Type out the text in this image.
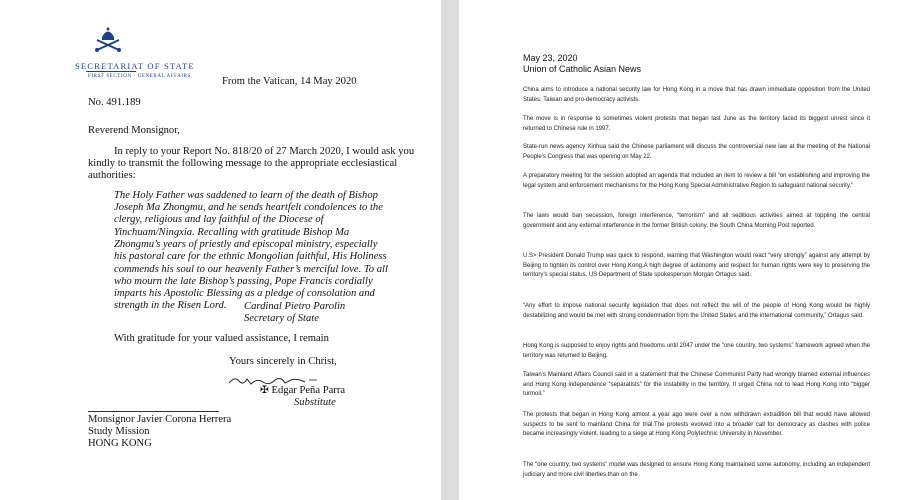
SECRETARIAT OF STATE
FIRST SECTION · GENERAL AFFAIRS	From the Vatican, 14 May 2020
No. 491.189
Reverend Monsignor,
In reply to your Report No. 818/20 of 27 March 2020, I would ask you
kindly to transmit the following message to the appropriate ecclesiastical
authorities:
The Holy Father was saddened to learn of the death of Bishop
Joseph Ma Zhongmu, and he sends heartfelt condolences to the
clergy, religious and lay faithful of the Diocese of
Yinchuam/Ningxia. Recalling with gratitude Bishop Ma
Zhongmu’s years of priestly and episcopal ministry, especially
his pastoral care for the ethnic Mongolian faithful, His Holiness
commends his soul to our heavenly Father’s merciful love. To all
who mourn the late Bishop’s passing, Pope Francis cordially
imparts his Apostolic Blessing as a pledge of consolation and
strength in the Risen Lord. Cardinal Pietro Parolin
Secretary of State
With gratitude for your valued assistance, I remain
Yours sincerely in Christ,
✠ Edgar Peña Parra
Substitute
Monsignor Javier Corona Herrera
Study Mission
HONG KONG
May 23, 2020
Union of Catholic Asian News
China aims to introduce a national security law for Hong Kong in a move that has drawn immediate opposition from the United States, Taiwan and pro-democracy activists.
The move is in response to sometimes violent protests that began last June as the territory faced its biggest unrest since it returned to Chinese rule in 1997.
State-run news agency Xinhua said the Chinese parliament will discuss the controversial new law at the meeting of the National People’s Congress that was opening on May 22.
A preparatory meeting for the session adopted an agenda that included an item to review a bill “on establishing and improving the legal system and enforcement mechanisms for the Hong Kong Special Administrative Region to safeguard national security.”
The laws would ban secession, foreign interference, “terrorism” and all seditious activities aimed at toppling the central government and any external interference in the former British colony, the South China Morning Post reported.
U.S> President Donald Trump was quick to respond, warning that Washington would react “very strongly” against any attempt by Beijing to tighten its control over Hong Kong.A high degree of autonomy and respect for human rights were key to preserving the territory’s special status, US Department of State spokesperson Morgan Ortagus said.
“Any effort to impose national security legislation that does not reflect the will of the people of Hong Kong would be highly destabilizing and would be met with strong condemnation from the United States and the international community,” Ortagus said.
Hong Kong is supposed to enjoy rights and freedoms until 2047 under the “one country, two systems” framework agreed when the territory was returned to Beijing.
Taiwan’s Mainland Affairs Council said in a statement that the Chinese Communist Party had wrongly blamed external influences and Hong Kong independence “separatists” for the instability in the territory. It urged China not to lead Hong Kong into “bigger turmoil.”
The protests that began in Hong Kong almost a year ago were over a now withdrawn extradition bill that would have allowed suspects to be sent to mainland China for trial.The protests evolved into a broader call for democracy as clashes with police became increasingly violent, leading to a siege at Hong Kong Polytechnic University in November.
The “one country, two systems” model was designed to ensure Hong Kong maintained some autonomy, including an independent judiciary and more civil liberties than on the
